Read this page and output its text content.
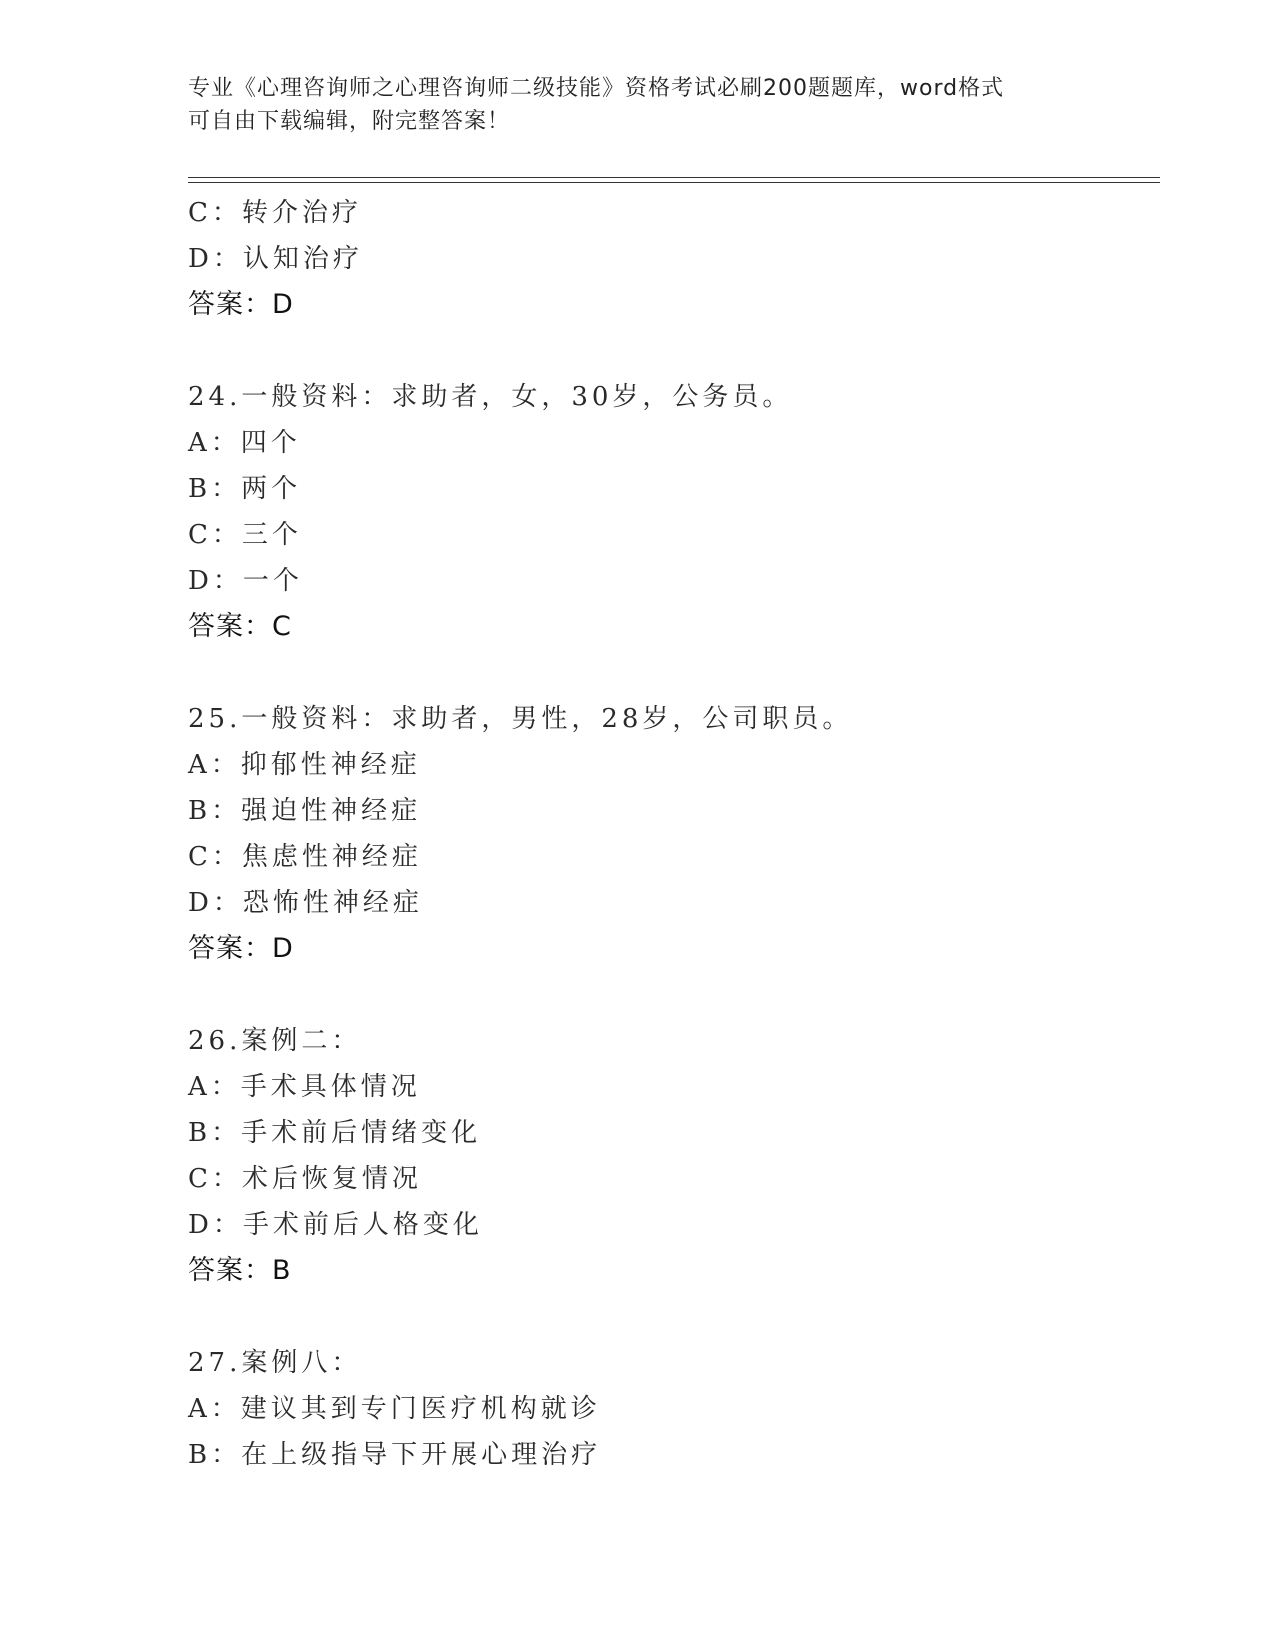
专业《心理咨询师之心理咨询师二级技能》资格考试必刷200题题库，word格式
可自由下载编辑，附完整答案！
C：转介治疗
D：认知治疗
答案：D
24.一般资料：求助者，女，30岁，公务员。
A：四个
B：两个
C：三个
D：一个
答案：C
25.一般资料：求助者，男性，28岁，公司职员。
A：抑郁性神经症
B：强迫性神经症
C：焦虑性神经症
D：恐怖性神经症
答案：D
26.案例二：
A：手术具体情况
B：手术前后情绪变化
C：术后恢复情况
D：手术前后人格变化
答案：B
27.案例八：
A：建议其到专门医疗机构就诊
B：在上级指导下开展心理治疗
